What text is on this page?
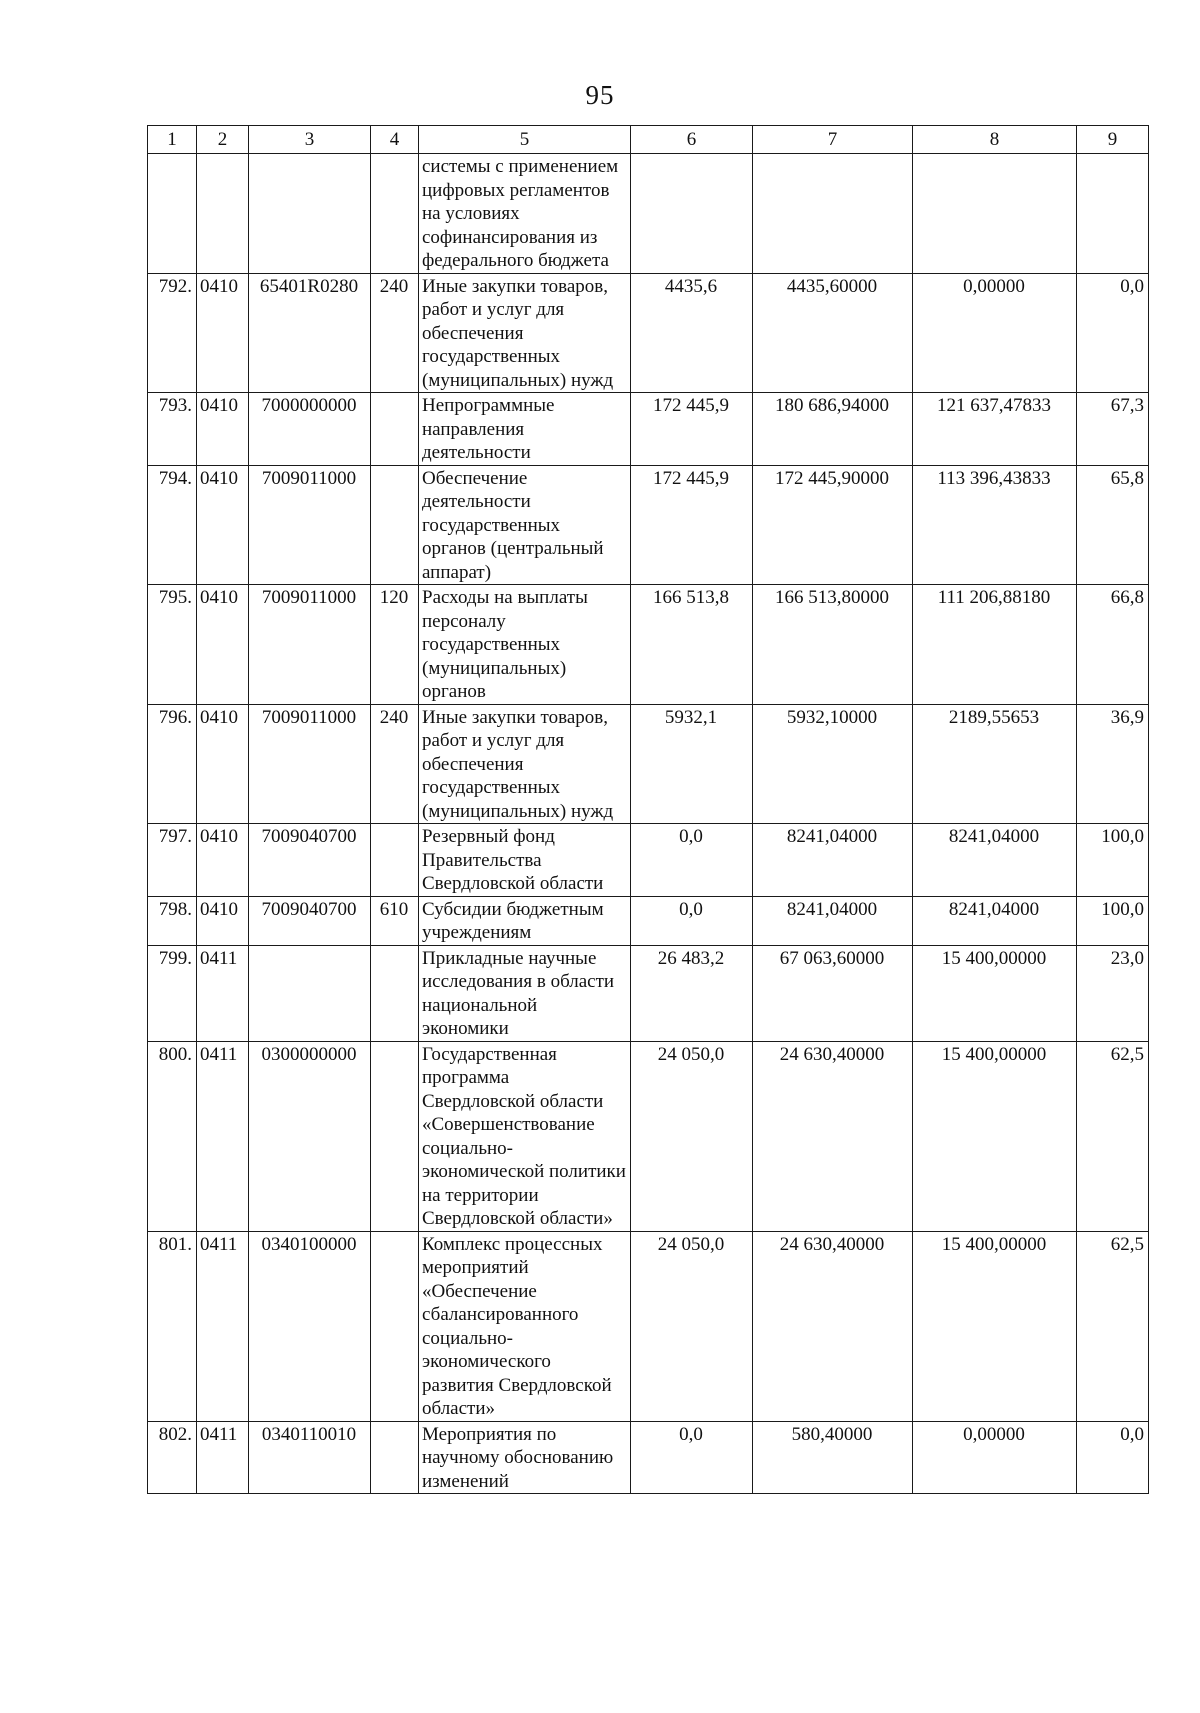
95
1	2	3	4	5	6	7	8	9
				системы с применением цифровых регламентов на условиях софинансирования из федерального бюджета				
792.	0410	65401R0280	240	Иные закупки товаров, работ и услуг для обеспечения государственных (муниципальных) нужд	4435,6	4435,60000	0,00000	0,0
793.	0410	7000000000		Непрограммные направления деятельности	172 445,9	180 686,94000	121 637,47833	67,3
794.	0410	7009011000		Обеспечение деятельности государственных органов (центральный аппарат)	172 445,9	172 445,90000	113 396,43833	65,8
795.	0410	7009011000	120	Расходы на выплаты персоналу государственных (муниципальных) органов	166 513,8	166 513,80000	111 206,88180	66,8
796.	0410	7009011000	240	Иные закупки товаров, работ и услуг для обеспечения государственных (муниципальных) нужд	5932,1	5932,10000	2189,55653	36,9
797.	0410	7009040700		Резервный фонд Правительства Свердловской области	0,0	8241,04000	8241,04000	100,0
798.	0410	7009040700	610	Субсидии бюджетным учреждениям	0,0	8241,04000	8241,04000	100,0
799.	0411			Прикладные научные исследования в области национальной экономики	26 483,2	67 063,60000	15 400,00000	23,0
800.	0411	0300000000		Государственная программа Свердловской области «Совершенствование социально-экономической политики на территории Свердловской области»	24 050,0	24 630,40000	15 400,00000	62,5
801.	0411	0340100000		Комплекс процессных мероприятий «Обеспечение сбалансированного социально-экономического развития Свердловской области»	24 050,0	24 630,40000	15 400,00000	62,5
802.	0411	0340110010		Мероприятия по научному обоснованию изменений	0,0	580,40000	0,00000	0,0
